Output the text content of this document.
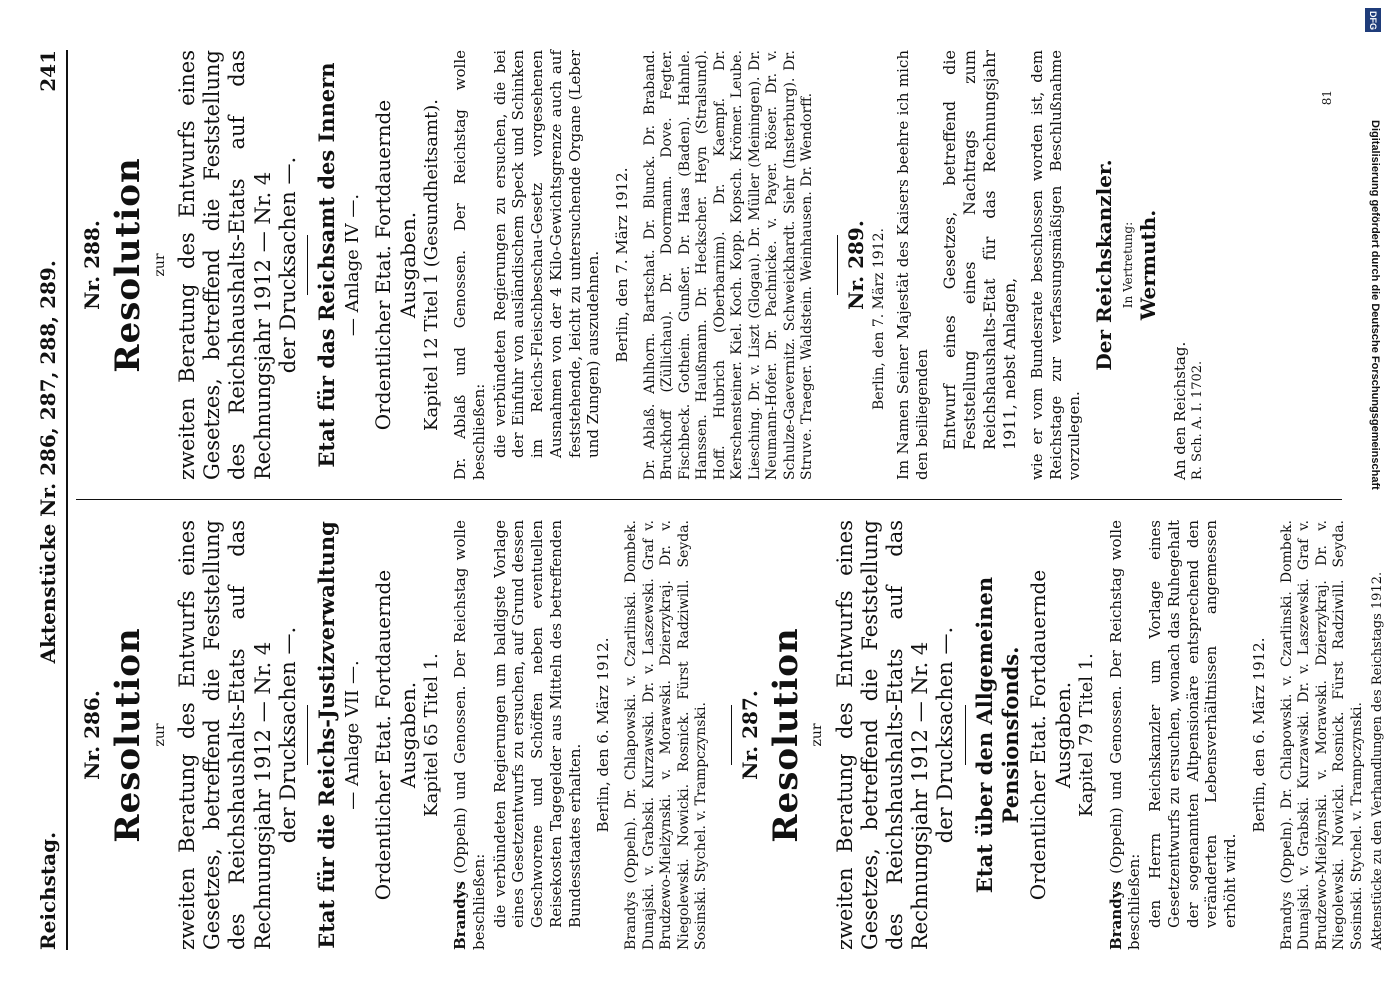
Reichstag.
Aktenstücke Nr. 286, 287, 288, 289.
241
Nr. 286. Resolution zur zweiten Beratung des Entwurfs eines Gesetzes, betreffend die Feststellung des Reichshaushalts-Etats auf das Rechnungsjahr 1912 — Nr. 4 der Drucksachen —. Etat für die Reichs-Justizverwaltung — Anlage VII —. Ordentlicher Etat. Fortdauernde Ausgaben. Kapitel 65 Titel 1.
Brandys (Oppeln) und Genossen. Der Reichstag wolle beschließen: die verbündeten Regierungen um baldigste Vorlage eines Gesetzentwurfs zu ersuchen, auf Grund dessen Geschworene und Schöffen neben eventuellen Reisekosten Tagegelder aus Mitteln des betreffenden Bundesstaates erhalten.
Berlin, den 6. März 1912. Brandys (Oppeln). Dr. Chlapowski. v. Czarlinski. Dombek. Dunajski. v. Grabski. Kurzawski. Dr. v. Laszewski. Graf v. Brudzewo-Mielżynski. v. Morawski. Dzierzykraj. Dr. v. Niegolewski. Nowicki. Rosnick. Fürst Radziwill. Seyda. Sosinski. Stychel. v. Trampczynski. Nr. 287. Resolution zur zweiten Beratung des Entwurfs eines Gesetzes, betreffend die Feststellung des Reichshaushalts-Etats auf das Rechnungsjahr 1912 — Nr. 4 der Drucksachen —. Etat über den Allgemeinen Pensionsfonds. Ordentlicher Etat. Fortdauernde Ausgaben. Kapitel 79 Titel 1.
Brandys (Oppeln) und Genossen. Der Reichstag wolle beschließen: den Herrn Reichskanzler um Vorlage eines Gesetzentwurfs zu ersuchen, wonach das Ruhegehalt der sogenannten Altpensionäre entsprechend den veränderten Lebensverhältnissen angemessen erhöht wird.
Berlin, den 6. März 1912. Brandys (Oppeln). Dr. Chlapowski. v. Czarlinski. Dombek. Dunajski. v. Grabski. Kurzawski. Dr. v. Laszewski. Graf v. Brudzewo-Mielżynski. v. Morawski. Dzierzykraj. Dr. v. Niegolewski. Nowicki. Rosnick. Fürst Radziwill. Seyda. Sosinski. Stychel. v. Trampczynski. Aktenstücke zu den Verhandlungen des Reichstags 1912.
Nr. 288. Resolution zur zweiten Beratung des Entwurfs eines Gesetzes, betreffend die Feststellung des Reichshaushalts-Etats auf das Rechnungsjahr 1912 — Nr. 4 der Drucksachen —. Etat für das Reichsamt des Innern — Anlage IV —. Ordentlicher Etat. Fortdauernde Ausgaben. Kapitel 12 Titel 1 (Gesundheitsamt). Dr. Ablaß und Genossen. Der Reichstag wolle beschließen: die verbündeten Regierungen zu ersuchen, die bei der Einfuhr von ausländischem Speck und Schinken im Reichs-Fleischbeschau-Gesetz vorgesehenen Ausnahmen von der 4 Kilo-Gewichtsgrenze auch auf feststehende, leicht zu untersuchende Organe (Leber und Zungen) auszudehnen. Berlin, den 7. März 1912. Dr. Ablaß. Ahlhorn. Bartschat. Dr. Blunck. Dr. Braband. Bruckhoff (Züllichau). Dr. Doormann. Dove. Fegter. Fischbeck. Gothein. Gunßer. Dr. Haas (Baden). Hahnle. Hanssen. Haußmann. Dr. Heckscher. Heyn (Stralsund). Hoff. Hubrich (Oberbarnim). Dr. Kaempf. Dr. Kerschensteiner. Kiel. Koch. Kopp. Kopsch. Krömer. Leube. Liesching. Dr. v. Liszt (Glogau). Dr. Müller (Meiningen). Dr. Neumann-Hofer. Dr. Pachnicke. v. Payer. Röser. Dr. v. Schulze-Gaevernitz. Schweickhardt. Siehr (Insterburg). Dr. Struve. Traeger. Waldstein. Weinhausen. Dr. Wendorff. Nr. 289. Berlin, den 7. März 1912. Im Namen Seiner Majestät des Kaisers beehre ich mich den beiliegenden Entwurf eines Gesetzes, betreffend die Feststellung eines Nachtrags zum Reichshaushalts-Etat für das Rechnungsjahr 1911, nebst Anlagen, wie er vom Bundesrate beschlossen worden ist, dem Reichstage zur verfassungsmäßigen Beschlußnahme vorzulegen.
Der Reichskanzler. In Vertretung: Wermuth.
An den Reichstag. R. Sch. A. I. 1702.
81
DFG
Digitalisierung gefördert durch die Deutsche Forschungsgemeinschaft
